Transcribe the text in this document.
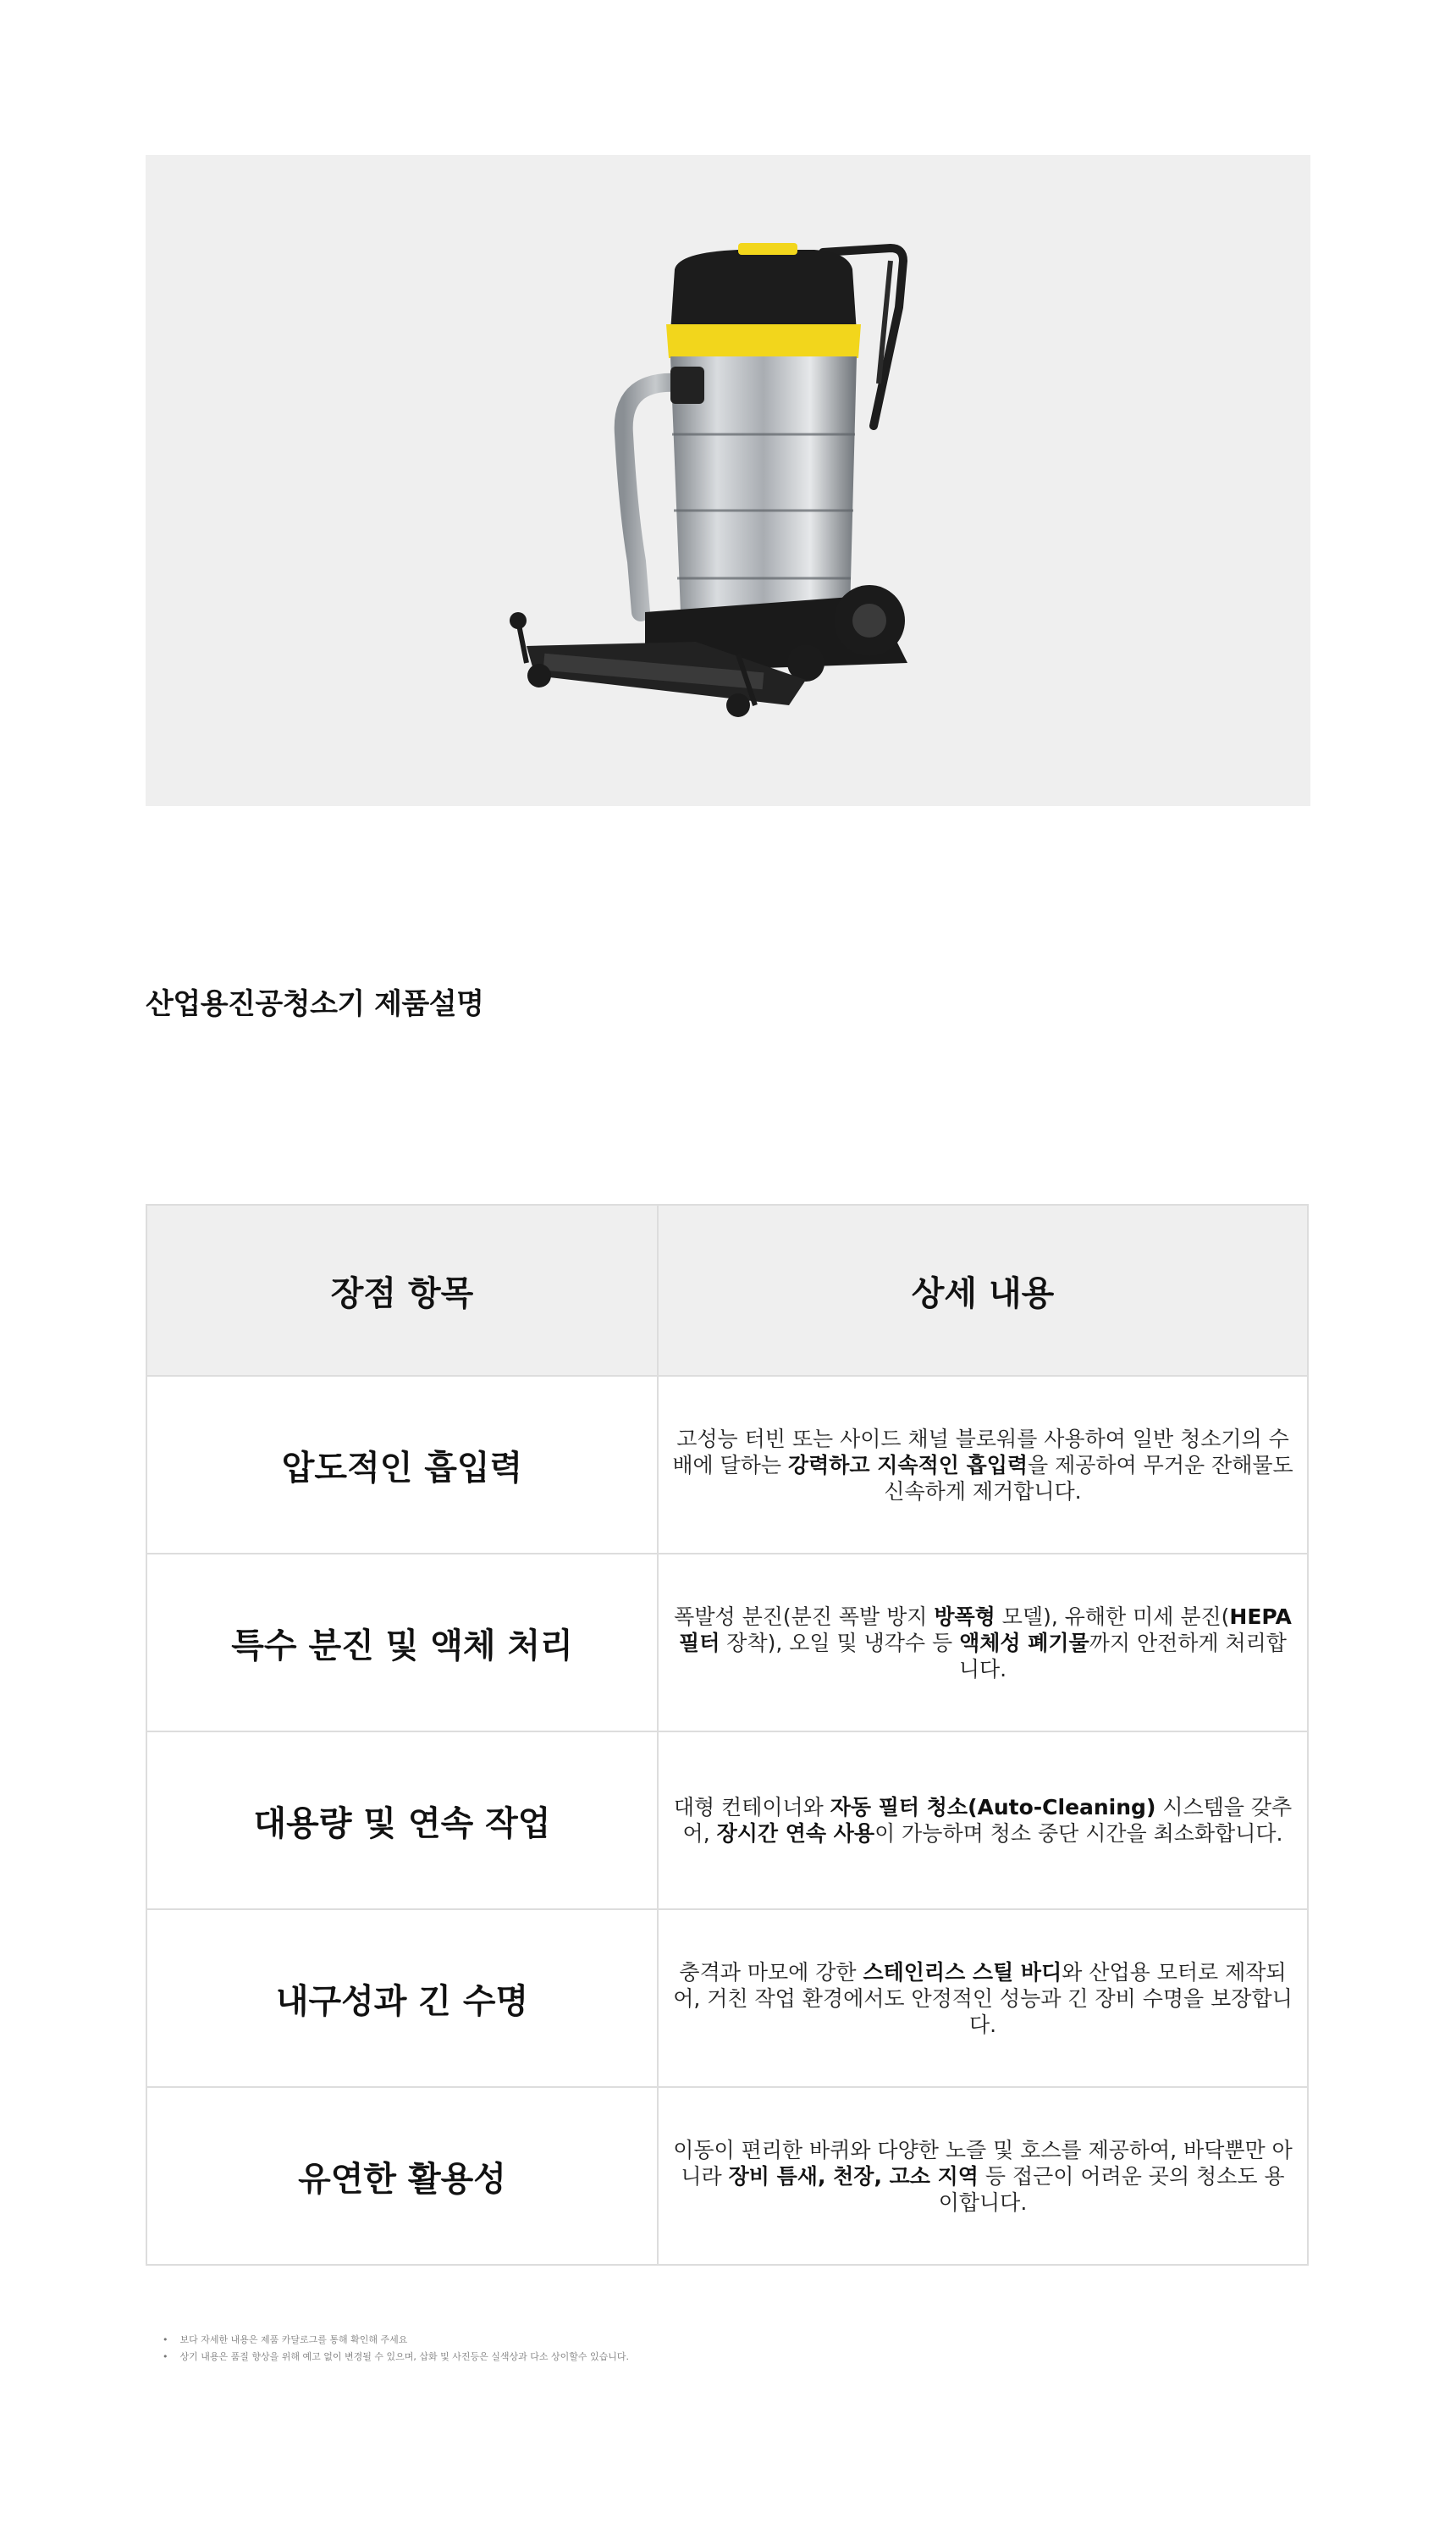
산업용진공청소기 제품설명
장점 항목	상세 내용
압도적인 흡입력	고성능 터빈 또는 사이드 채널 블로워를 사용하여 일반 청소기의 수배에 달하는 강력하고 지속적인 흡입력을 제공하여 무거운 잔해물도 신속하게 제거합니다.
특수 분진 및 액체 처리	폭발성 분진(분진 폭발 방지 방폭형 모델), 유해한 미세 분진(HEPA 필터 장착), 오일 및 냉각수 등 액체성 폐기물까지 안전하게 처리합니다.
대용량 및 연속 작업	대형 컨테이너와 자동 필터 청소(Auto-Cleaning) 시스템을 갖추어, 장시간 연속 사용이 가능하며 청소 중단 시간을 최소화합니다.
내구성과 긴 수명	충격과 마모에 강한 스테인리스 스틸 바디와 산업용 모터로 제작되어, 거친 작업 환경에서도 안정적인 성능과 긴 장비 수명을 보장합니다.
유연한 활용성	이동이 편리한 바퀴와 다양한 노즐 및 호스를 제공하여, 바닥뿐만 아니라 장비 틈새, 천장, 고소 지역 등 접근이 어려운 곳의 청소도 용이합니다.
• 보다 자세한 내용은 제품 카달로그를 통해 확인해 주세요
• 상기 내용은 품질 향상을 위해 예고 없이 변경될 수 있으며, 삽화 및 사진등은 실색상과 다소 상이할수 있습니다.
